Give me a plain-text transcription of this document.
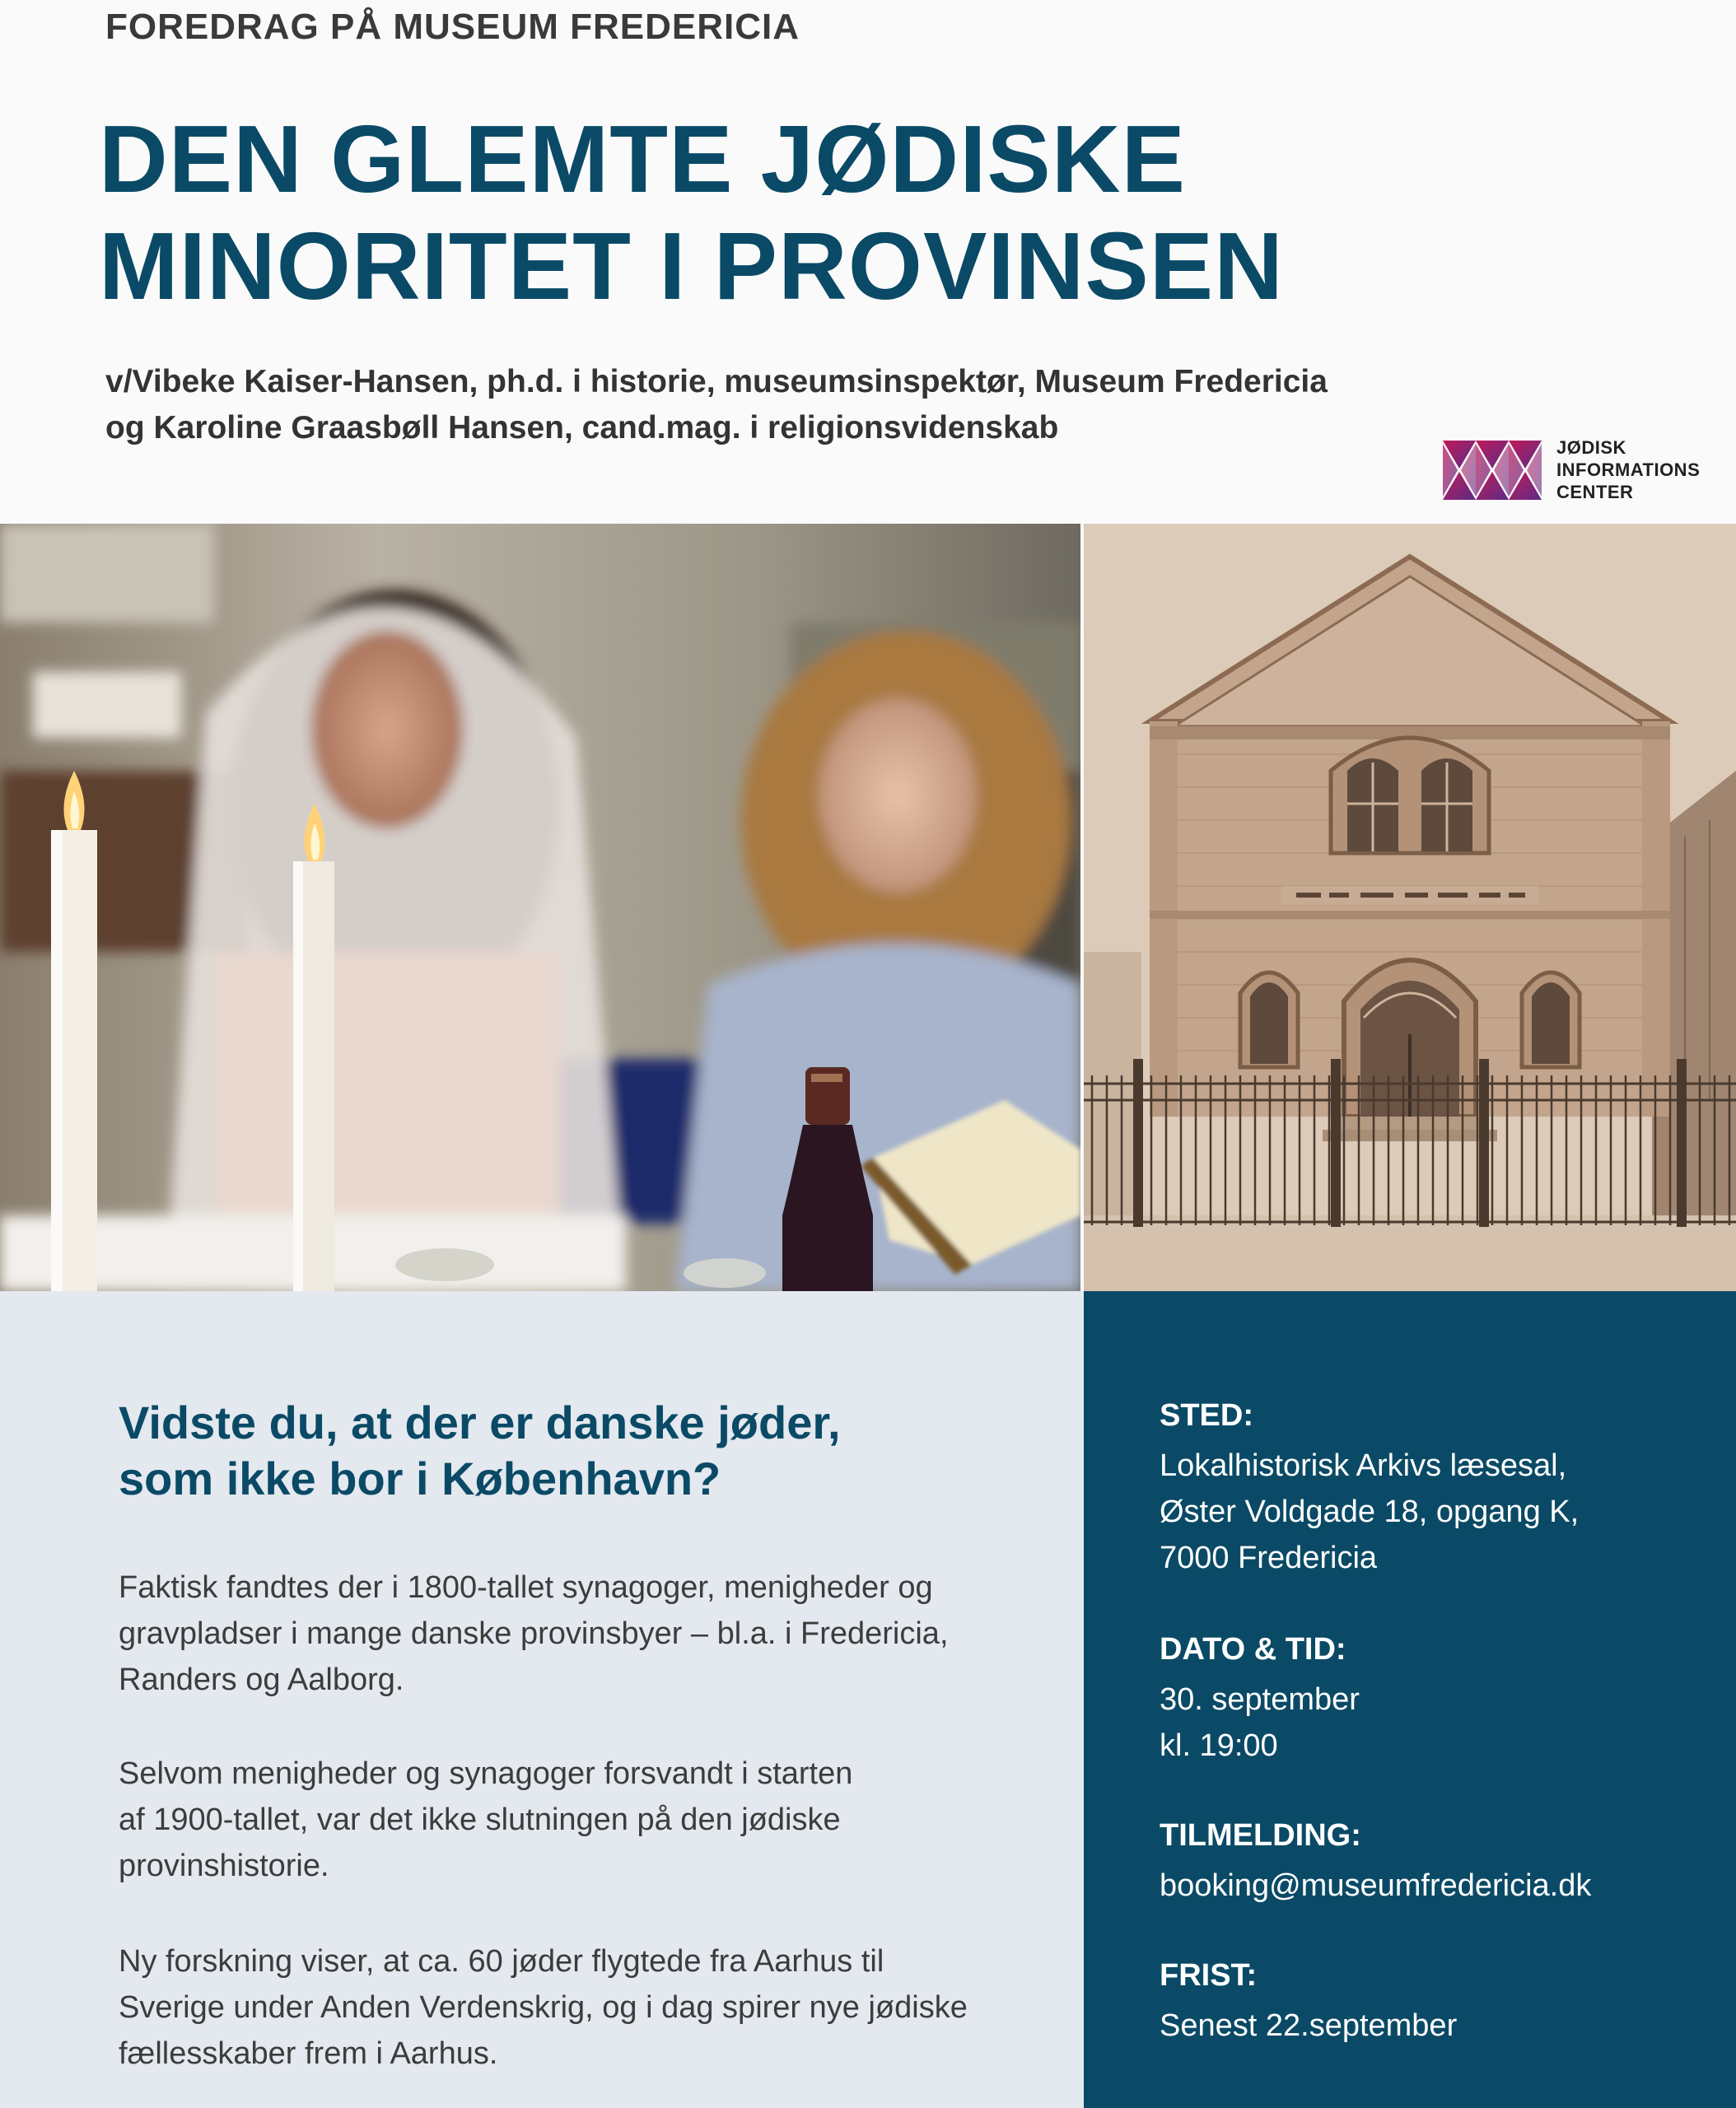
FOREDRAG PÅ MUSEUM FREDERICIA
DEN GLEMTE JØDISKE
MINORITET I PROVINSEN
v/Vibeke Kaiser-Hansen, ph.d. i historie, museumsinspektør, Museum Fredericia
og Karoline Graasbøll Hansen, cand.mag. i religionsvidenskab
JØDISK
INFORMATIONS
CENTER
Vidste du, at der er danske jøder,
som ikke bor i København?
Faktisk fandtes der i 1800-tallet synagoger, menigheder og
gravpladser i mange danske provinsbyer – bl.a. i Fredericia,
Randers og Aalborg.
Selvom menigheder og synagoger forsvandt i starten
af 1900-tallet, var det ikke slutningen på den jødiske
provinshistorie.
Ny forskning viser, at ca. 60 jøder flygtede fra Aarhus til
Sverige under Anden Verdenskrig, og i dag spirer nye jødiske
fællesskaber frem i Aarhus.
STED:
Lokalhistorisk Arkivs læsesal,
Øster Voldgade 18, opgang K,
7000 Fredericia
DATO & TID:
30. september
kl. 19:00
TILMELDING:
booking@museumfredericia.dk
FRIST:
Senest 22.september
